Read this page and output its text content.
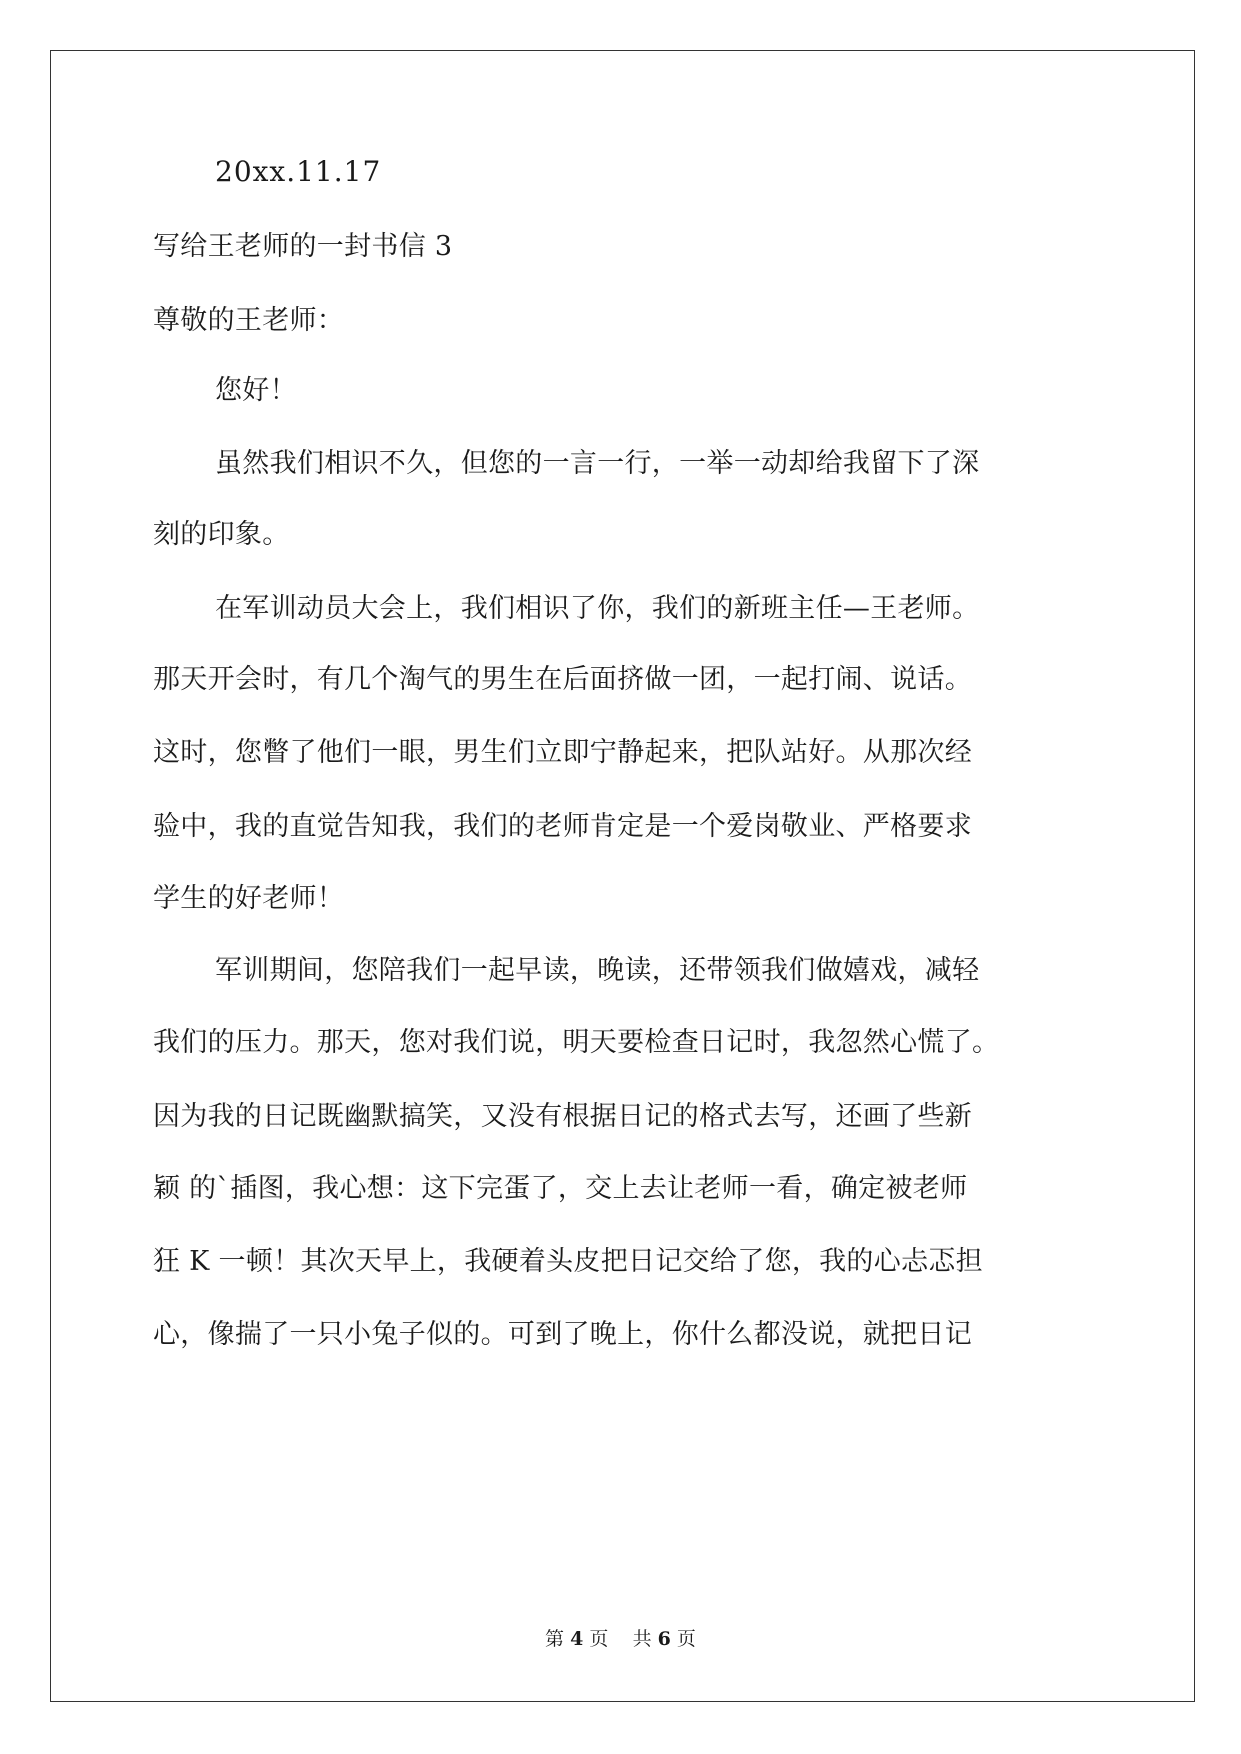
20xx.11.17
写给王老师的一封书信 3
尊敬的王老师：
您好！
虽然我们相识不久，但您的一言一行，一举一动却给我留下了深
刻的印象。
在军训动员大会上，我们相识了你，我们的新班主任—王老师。
那天开会时，有几个淘气的男生在后面挤做一团，一起打闹、说话。
这时，您瞥了他们一眼，男生们立即宁静起来，把队站好。从那次经
验中，我的直觉告知我，我们的老师肯定是一个爱岗敬业、严格要求
学生的好老师！
军训期间，您陪我们一起早读，晚读，还带领我们做嬉戏，减轻
我们的压力。那天，您对我们说，明天要检查日记时，我忽然心慌了。
因为我的日记既幽默搞笑，又没有根据日记的格式去写，还画了些新
颖 的`插图，我心想：这下完蛋了，交上去让老师一看，确定被老师
狂 K 一顿！其次天早上，我硬着头皮把日记交给了您，我的心忐忑担
心，像揣了一只小兔子似的。可到了晚上，你什么都没说，就把日记
第 4 页 共 6 页
